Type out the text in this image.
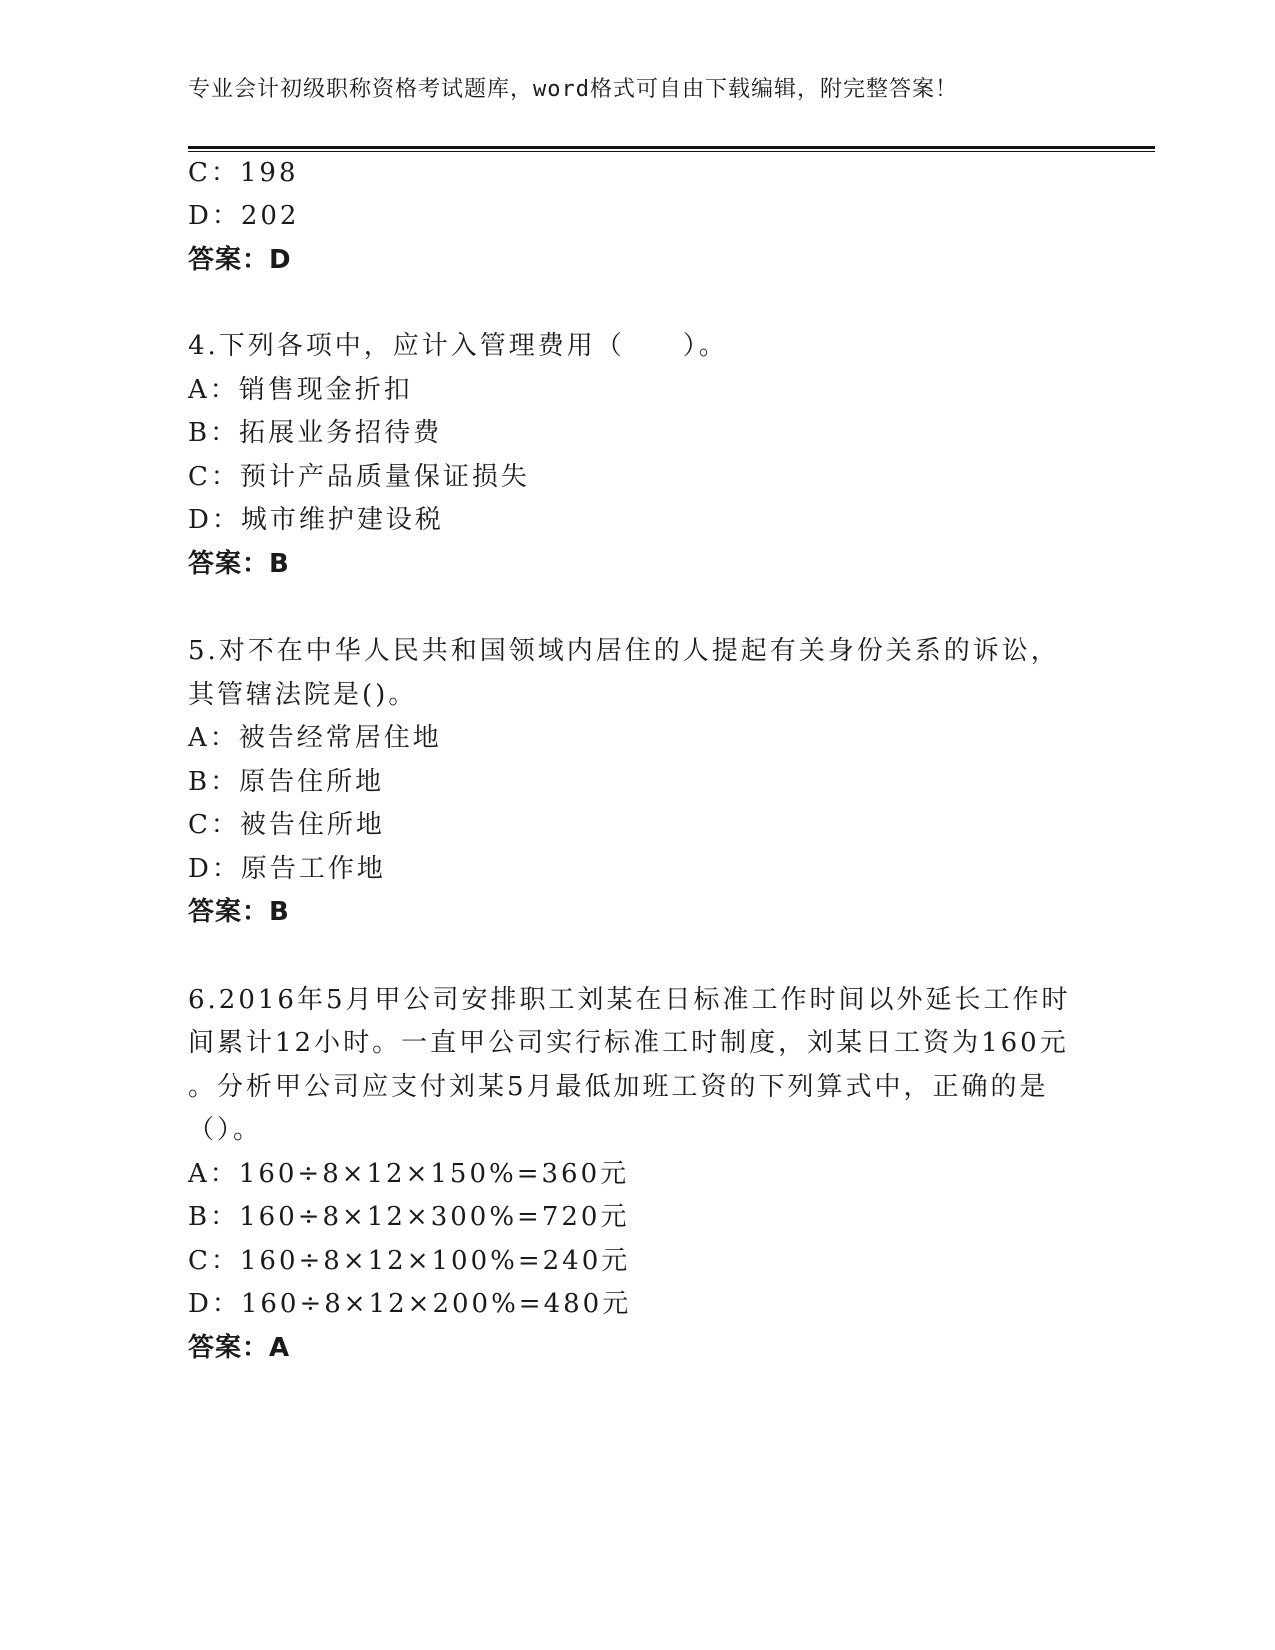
专业会计初级职称资格考试题库，word格式可自由下载编辑，附完整答案！
C：198
D：202
答案：D
4.下列各项中，应计入管理费用（　　）。
A：销售现金折扣
B：拓展业务招待费
C：预计产品质量保证损失
D：城市维护建设税
答案：B
5.对不在中华人民共和国领域内居住的人提起有关身份关系的诉讼，
其管辖法院是()。
A：被告经常居住地
B：原告住所地
C：被告住所地
D：原告工作地
答案：B
6.2016年5月甲公司安排职工刘某在日标准工作时间以外延长工作时
间累计12小时。一直甲公司实行标准工时制度，刘某日工资为160元
。分析甲公司应支付刘某5月最低加班工资的下列算式中，正确的是
（）。
A：160÷8×12×150%=360元
B：160÷8×12×300%=720元
C：160÷8×12×100%=240元
D：160÷8×12×200%=480元
答案：A
